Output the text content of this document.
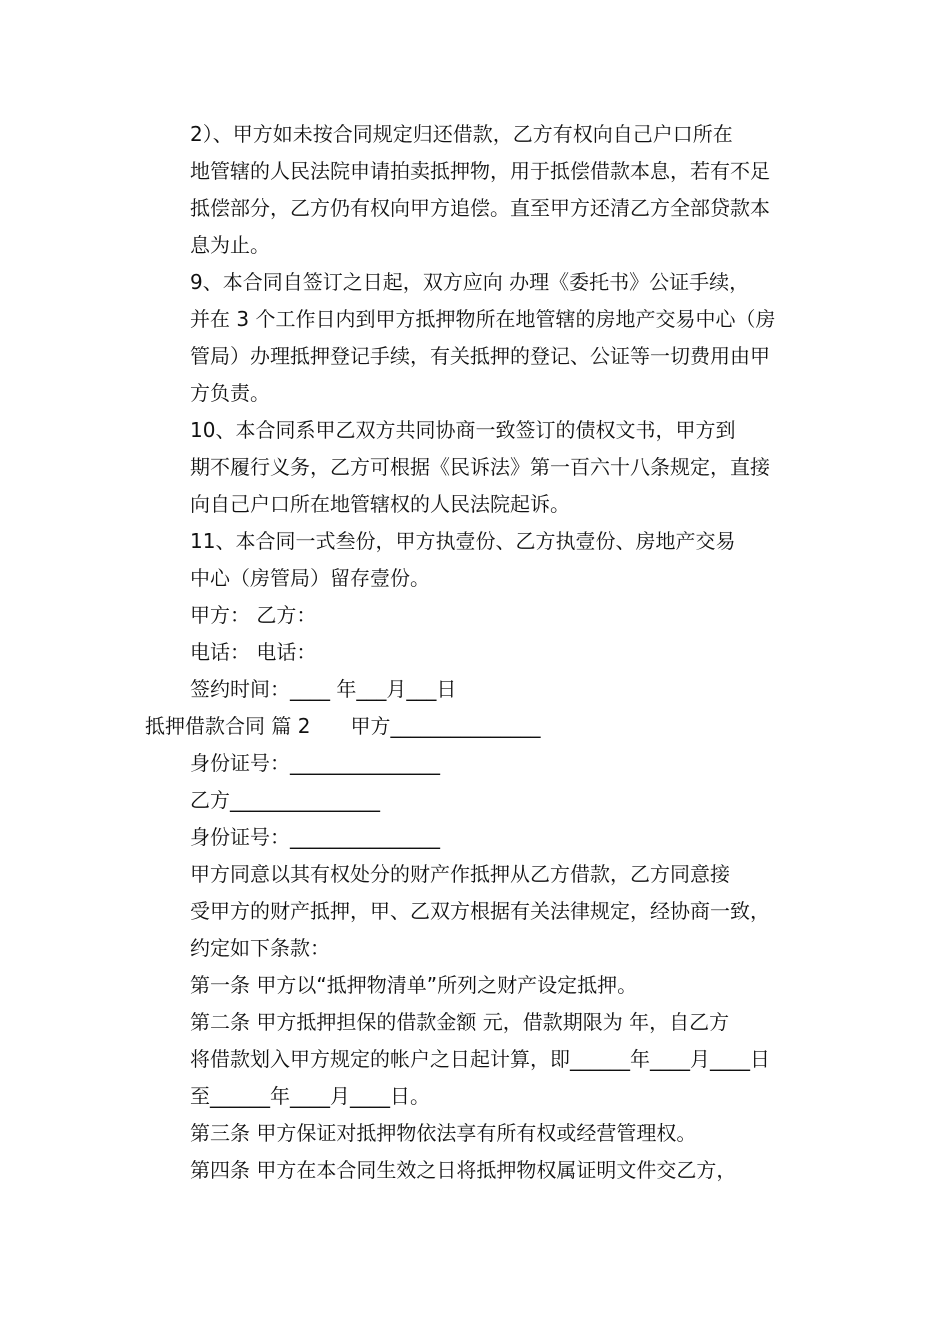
2）、甲方如未按合同规定归还借款，乙方有权向自己户口所在
地管辖的人民法院申请拍卖抵押物，用于抵偿借款本息，若有不足
抵偿部分，乙方仍有权向甲方追偿。直至甲方还清乙方全部贷款本
息为止。

9、本合同自签订之日起，双方应向 办理《委托书》公证手续，
并在 3 个工作日内到甲方抵押物所在地管辖的房地产交易中心（房
管局）办理抵押登记手续，有关抵押的登记、公证等一切费用由甲
方负责。

10、本合同系甲乙双方共同协商一致签订的债权文书，甲方到
期不履行义务，乙方可根据《民诉法》第一百六十八条规定，直接
向自己户口所在地管辖权的人民法院起诉。

11、本合同一式叁份，甲方执壹份、乙方执壹份、房地产交易
中心（房管局）留存壹份。

甲方： 乙方：

电话： 电话：

签约时间：____ 年___月___日

抵押借款合同 篇 2　　甲方_______________

身份证号：_______________

乙方_______________

身份证号：_______________

甲方同意以其有权处分的财产作抵押从乙方借款，乙方同意接
受甲方的财产抵押，甲、乙双方根据有关法律规定，经协商一致，
约定如下条款：

第一条 甲方以“抵押物清单”所列之财产设定抵押。

第二条 甲方抵押担保的借款金额 元，借款期限为 年，自乙方
将借款划入甲方规定的帐户之日起计算，即______年____月____日
至______年____月____日。

第三条 甲方保证对抵押物依法享有所有权或经营管理权。

第四条 甲方在本合同生效之日将抵押物权属证明文件交乙方，
